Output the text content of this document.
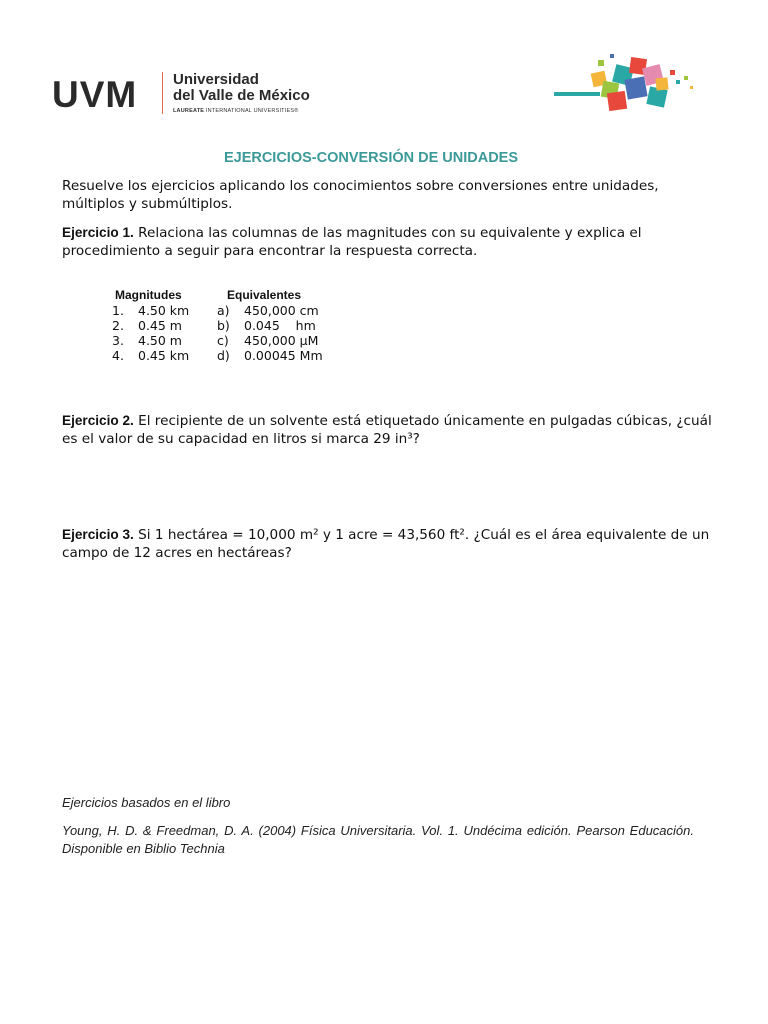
UVM Universidad
del Valle de México
LAUREATE INTERNATIONAL UNIVERSITIES®
EJERCICIOS-CONVERSIÓN DE UNIDADES
Resuelve los ejercicios aplicando los conocimientos sobre conversiones entre unidades, múltiplos y submúltiplos.
Ejercicio 1. Relaciona las columnas de las magnitudes con su equivalente y explica el procedimiento a seguir para encontrar la respuesta correcta.
Magnitudes	Equivalentes
1. 4.50 km a) 450,000 cm
2. 0.45 m	b) 0.045    hm
3. 4.50 m	c) 450,000 µM
4. 0.45 km d) 0.00045 Mm
Ejercicio 2. El recipiente de un solvente está etiquetado únicamente en pulgadas cúbicas, ¿cuál es el valor de su capacidad en litros si marca 29 in³?
Ejercicio 3. Si 1 hectárea = 10,000 m² y 1 acre = 43,560 ft². ¿Cuál es el área equivalente de un campo de 12 acres en hectáreas?
Ejercicios basados en el libro
Young, H. D. & Freedman, D. A. (2004) Física Universitaria. Vol. 1. Undécima edición. Pearson Educación. Disponible en Biblio Technia
